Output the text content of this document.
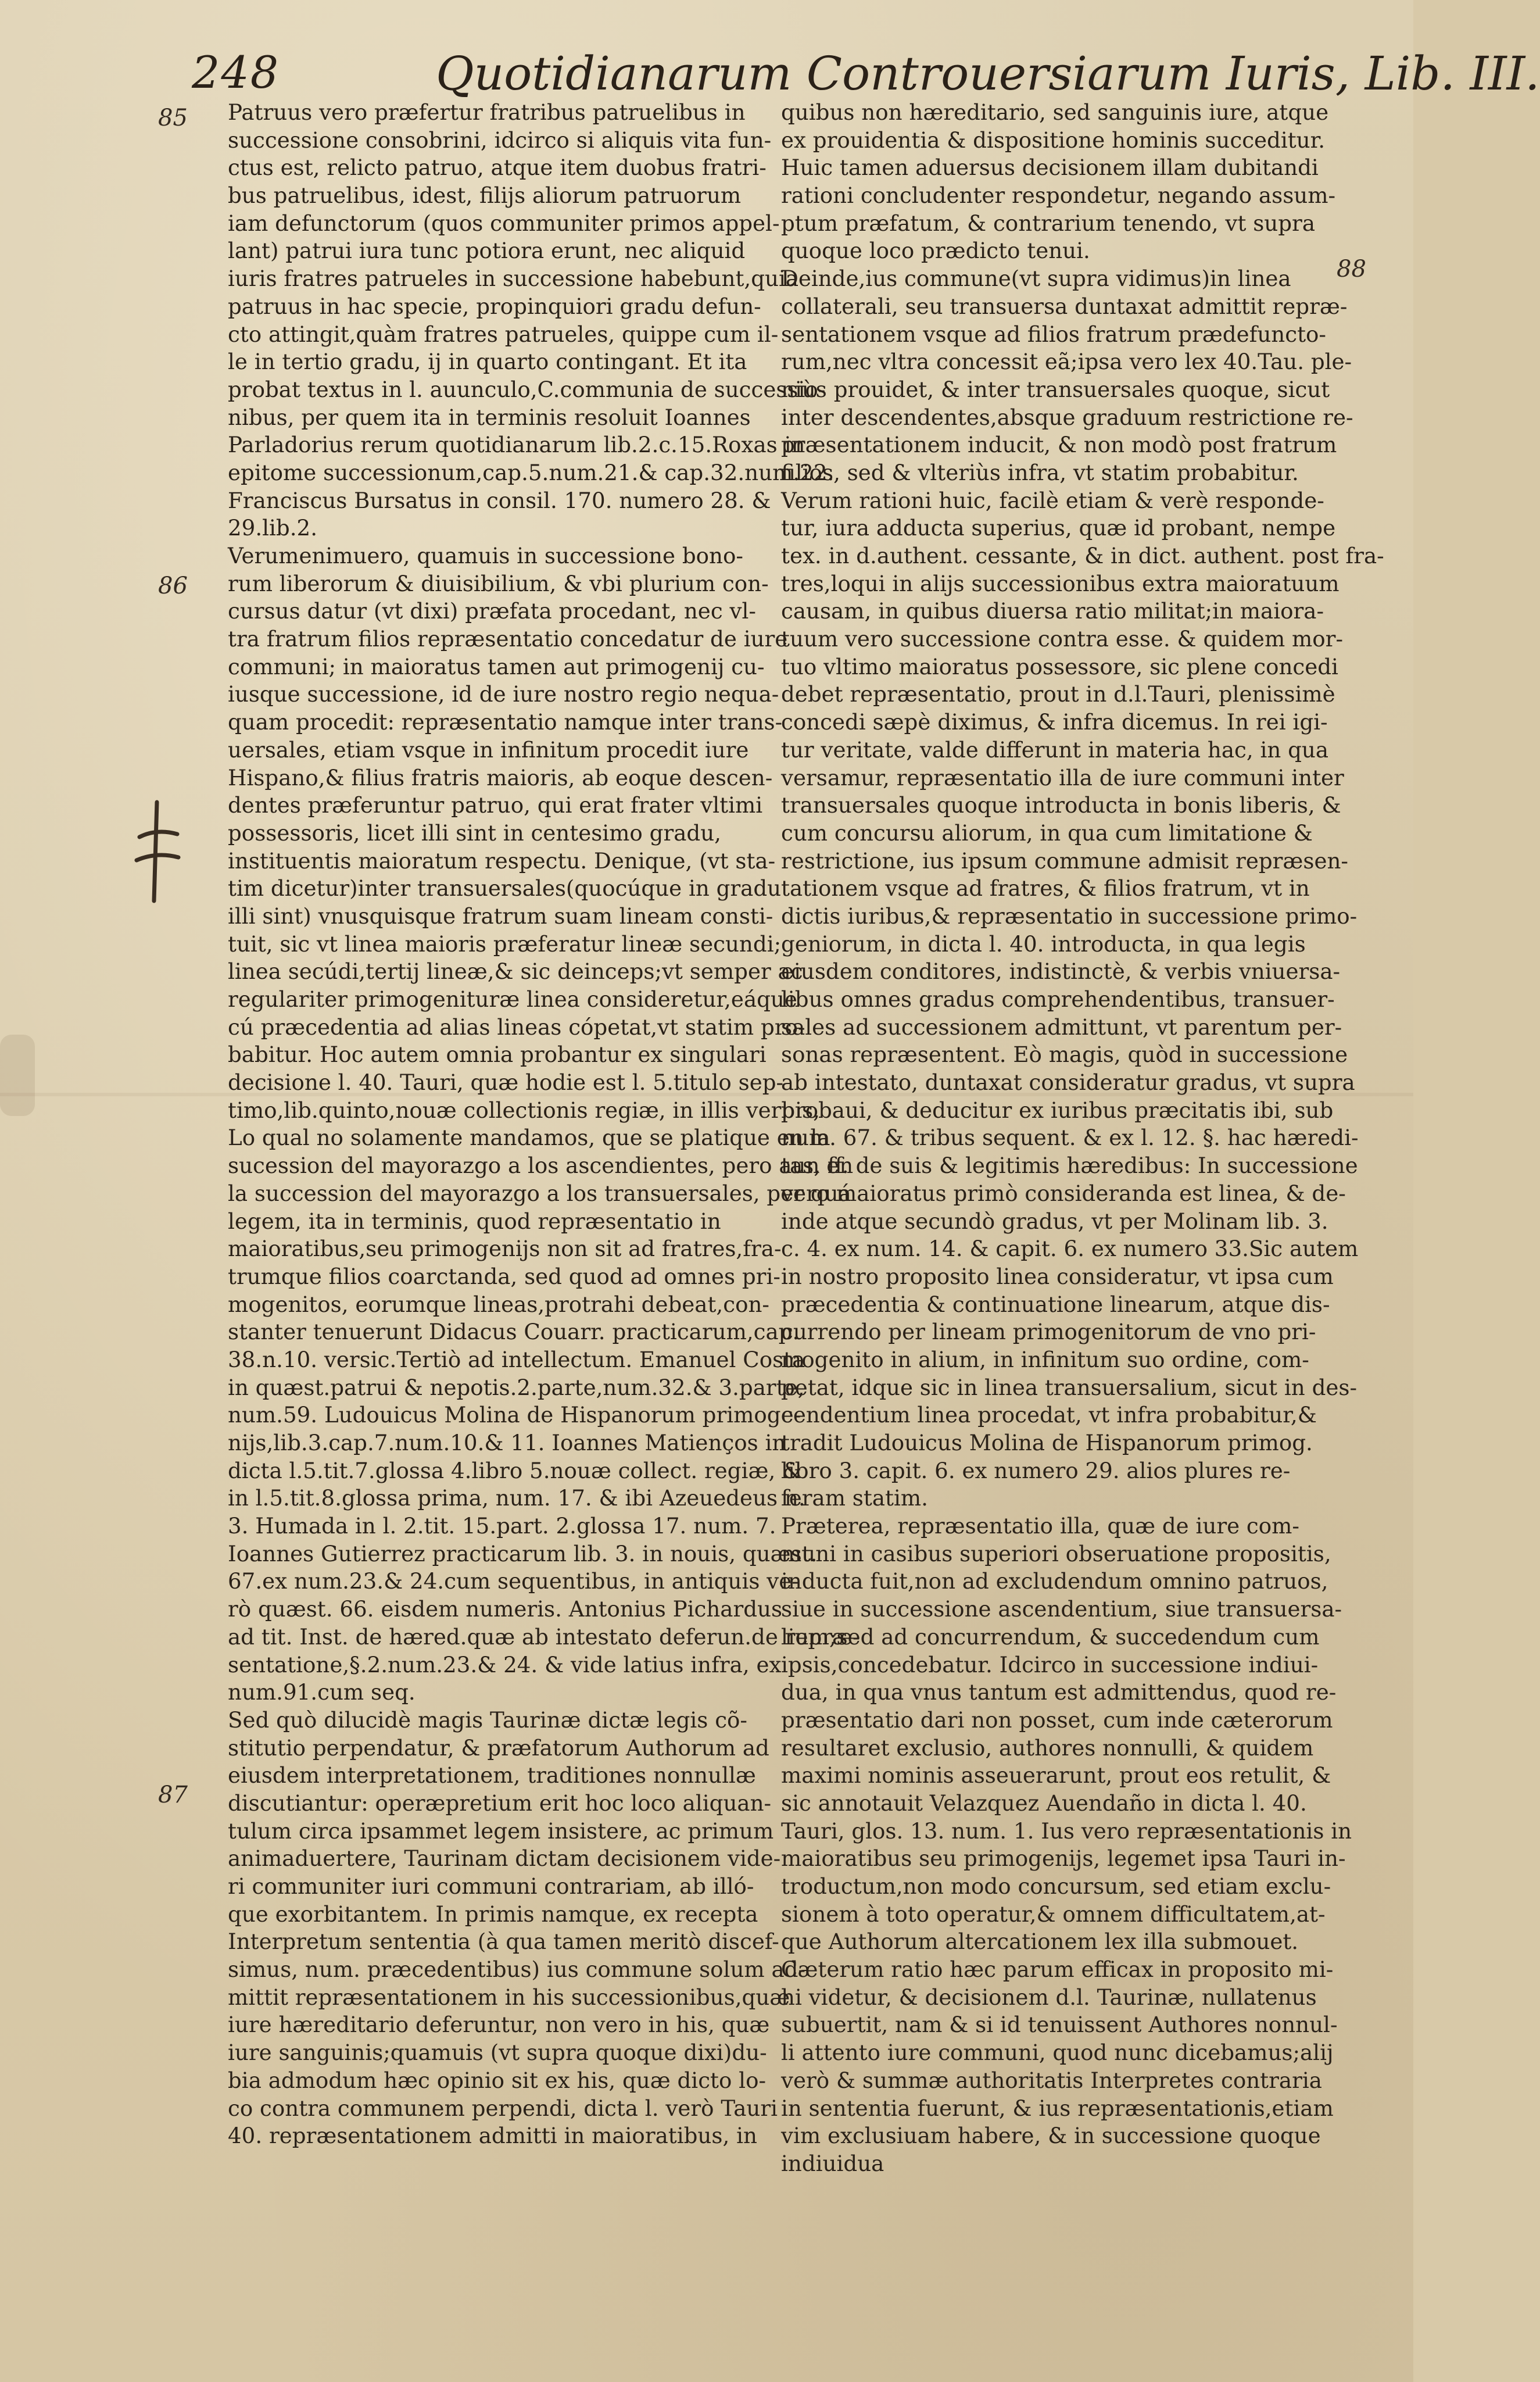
248	Quotidianarum Controuersiarum Iuris, Lib. III.
85
86
87
88
Patruus vero præfertur fratribus patruelibus in
successione consobrini, idcirco si aliquis vita fun-
ctus est, relicto patruo, atque item duobus fratri-
bus patruelibus, idest, filijs aliorum patruorum
iam defunctorum (quos communiter primos appel-
lant) patrui iura tunc potiora erunt, nec aliquid
iuris fratres patrueles in successione habebunt,quia
patruus in hac specie, propinquiori gradu defun-
cto attingit,quàm fratres patrueles, quippe cum il-
le in tertio gradu, ij in quarto contingant. Et ita
probat textus in l. auunculo,C.communia de successio-
nibus, per quem ita in terminis resoluit Ioannes
Parladorius rerum quotidianarum lib.2.c.15.Roxas in
epitome successionum,cap.5.num.21.& cap.32.num.22.
Franciscus Bursatus in consil. 170. numero 28. &
29.lib.2.
Verumenimuero, quamuis in successione bono-
rum liberorum & diuisibilium, & vbi plurium con-
cursus datur (vt dixi) præfata procedant, nec vl-
tra fratrum filios repræsentatio concedatur de iure
communi; in maioratus tamen aut primogenij cu-
iusque successione, id de iure nostro regio nequa-
quam procedit: repræsentatio namque inter trans-
uersales, etiam vsque in infinitum procedit iure
Hispano,& filius fratris maioris, ab eoque descen-
dentes præferuntur patruo, qui erat frater vltimi
possessoris, licet illi sint in centesimo gradu,
instituentis maioratum respectu. Denique, (vt sta-
tim dicetur)inter transuersales(quocúque in gradu
illi sint) vnusquisque fratrum suam lineam consti-
tuit, sic vt linea maioris præferatur lineæ secundi;
linea secúdi,tertij lineæ,& sic deinceps;vt semper ac
regulariter primogenituræ linea consideretur,eáque
cú præcedentia ad alias lineas cópetat,vt statim pro-
babitur. Hoc autem omnia probantur ex singulari
decisione l. 40. Tauri, quæ hodie est l. 5.titulo sep-
timo,lib.quinto,nouæ collectionis regiæ, in illis verbis,
Lo qual no solamente mandamos, que se platique en la
sucession del mayorazgo a los ascendientes, pero aun en
la succession del mayorazgo a los transuersales, per quá
legem, ita in terminis, quod repræsentatio in
maioratibus,seu primogenijs non sit ad fratres,fra-
trumque filios coarctanda, sed quod ad omnes pri-
mogenitos, eorumque lineas,protrahi debeat,con-
stanter tenuerunt Didacus Couarr. practicarum,cap.
38.n.10. versic.Tertiò ad intellectum. Emanuel Costa
in quæst.patrui & nepotis.2.parte,num.32.& 3.parte,
num.59. Ludouicus Molina de Hispanorum primoge-
nijs,lib.3.cap.7.num.10.& 11. Ioannes Matienços in
dicta l.5.tit.7.glossa 4.libro 5.nouæ collect. regiæ, &
in l.5.tit.8.glossa prima, num. 17. & ibi Azeuedeus n.
3. Humada in l. 2.tit. 15.part. 2.glossa 17. num. 7.
Ioannes Gutierrez practicarum lib. 3. in nouis, quæst.
67.ex num.23.& 24.cum sequentibus, in antiquis ve-
rò quæst. 66. eisdem numeris. Antonius Pichardus
ad tit. Inst. de hæred.quæ ab intestato deferun.de repræ-
sentatione,§.2.num.23.& 24. & vide latius infra, ex
num.91.cum seq.
Sed quò dilucidè magis Taurinæ dictæ legis cõ-
stitutio perpendatur, & præfatorum Authorum ad
eiusdem interpretationem, traditiones nonnullæ
discutiantur: operæpretium erit hoc loco aliquan-
tulum circa ipsammet legem insistere, ac primum
animaduertere, Taurinam dictam decisionem vide-
ri communiter iuri communi contrariam, ab illó-
que exorbitantem. In primis namque, ex recepta
Interpretum sententia (à qua tamen meritò discef-
simus, num. præcedentibus) ius commune solum ad-
mittit repræsentationem in his successionibus,quæ
iure hæreditario deferuntur, non vero in his, quæ
iure sanguinis;quamuis (vt supra quoque dixi)du-
bia admodum hæc opinio sit ex his, quæ dicto lo-
co contra communem perpendi, dicta l. verò Tauri
40. repræsentationem admitti in maioratibus, in
quibus non hæreditario, sed sanguinis iure, atque
ex prouidentia & dispositione hominis succeditur.
Huic tamen aduersus decisionem illam dubitandi
rationi concludenter respondetur, negando assum-
ptum præfatum, & contrarium tenendo, vt supra
quoque loco prædicto tenui.
Deinde,ius commune(vt supra vidimus)in linea
collaterali, seu transuersa duntaxat admittit repræ-
sentationem vsque ad filios fratrum prædefuncto-
rum,nec vltra concessit eã;ipsa vero lex 40.Tau. ple-
niùs prouidet, & inter transuersales quoque, sicut
inter descendentes,absque graduum restrictione re-
præsentationem inducit, & non modò post fratrum
filios, sed & vlteriùs infra, vt statim probabitur.
Verum rationi huic, facilè etiam & verè responde-
tur, iura adducta superius, quæ id probant, nempe
tex. in d.authent. cessante, & in dict. authent. post fra-
tres,loqui in alijs successionibus extra maioratuum
causam, in quibus diuersa ratio militat;in maiora-
tuum vero successione contra esse. & quidem mor-
tuo vltimo maioratus possessore, sic plene concedi
debet repræsentatio, prout in d.l.Tauri, plenissimè
concedi sæpè diximus, & infra dicemus. In rei igi-
tur veritate, valde differunt in materia hac, in qua
versamur, repræsentatio illa de iure communi inter
transuersales quoque introducta in bonis liberis, &
cum concursu aliorum, in qua cum limitatione &
restrictione, ius ipsum commune admisit repræsen-
tationem vsque ad fratres, & filios fratrum, vt in
dictis iuribus,& repræsentatio in successione primo-
geniorum, in dicta l. 40. introducta, in qua legis
eiusdem conditores, indistinctè, & verbis vniuersa-
libus omnes gradus comprehendentibus, transuer-
sales ad successionem admittunt, vt parentum per-
sonas repræsentent. Eò magis, quòd in successione
ab intestato, duntaxat consideratur gradus, vt supra
probaui, & deducitur ex iuribus præcitatis ibi, sub
num. 67. & tribus sequent. & ex l. 12. §. hac hæredi-
tas, ff. de suis & legitimis hæredibus: In successione
vero maioratus primò consideranda est linea, & de-
inde atque secundò gradus, vt per Molinam lib. 3.
c. 4. ex num. 14. & capit. 6. ex numero 33.Sic autem
in nostro proposito linea consideratur, vt ipsa cum
præcedentia & continuatione linearum, atque dis-
currendo per lineam primogenitorum de vno pri-
mogenito in alium, in infinitum suo ordine, com-
petat, idque sic in linea transuersalium, sicut in des-
cendentium linea procedat, vt infra probabitur,&
tradit Ludouicus Molina de Hispanorum primog.
libro 3. capit. 6. ex numero 29. alios plures re-
feram statim.
Præterea, repræsentatio illa, quæ de iure com-
muni in casibus superiori obseruatione propositis,
inducta fuit,non ad excludendum omnino patruos,
siue in successione ascendentium, siue transuersa-
lium;sed ad concurrendum, & succedendum cum
ipsis,concedebatur. Idcirco in successione indiui-
dua, in qua vnus tantum est admittendus, quod re-
præsentatio dari non posset, cum inde cæterorum
resultaret exclusio, authores nonnulli, & quidem
maximi nominis asseuerarunt, prout eos retulit, &
sic annotauit Velazquez Auendaño in dicta l. 40.
Tauri, glos. 13. num. 1. Ius vero repræsentationis in
maioratibus seu primogenijs, legemet ipsa Tauri in-
troductum,non modo concursum, sed etiam exclu-
sionem à toto operatur,& omnem difficultatem,at-
que Authorum altercationem lex illa submouet.
Cæterum ratio hæc parum efficax in proposito mi-
hi videtur, & decisionem d.l. Taurinæ, nullatenus
subuertit, nam & si id tenuissent Authores nonnul-
li attento iure communi, quod nunc dicebamus;alij
verò & summæ authoritatis Interpretes contraria
in sententia fuerunt, & ius repræsentationis,etiam
vim exclusiuam habere, & in successione quoque
indiuidua
